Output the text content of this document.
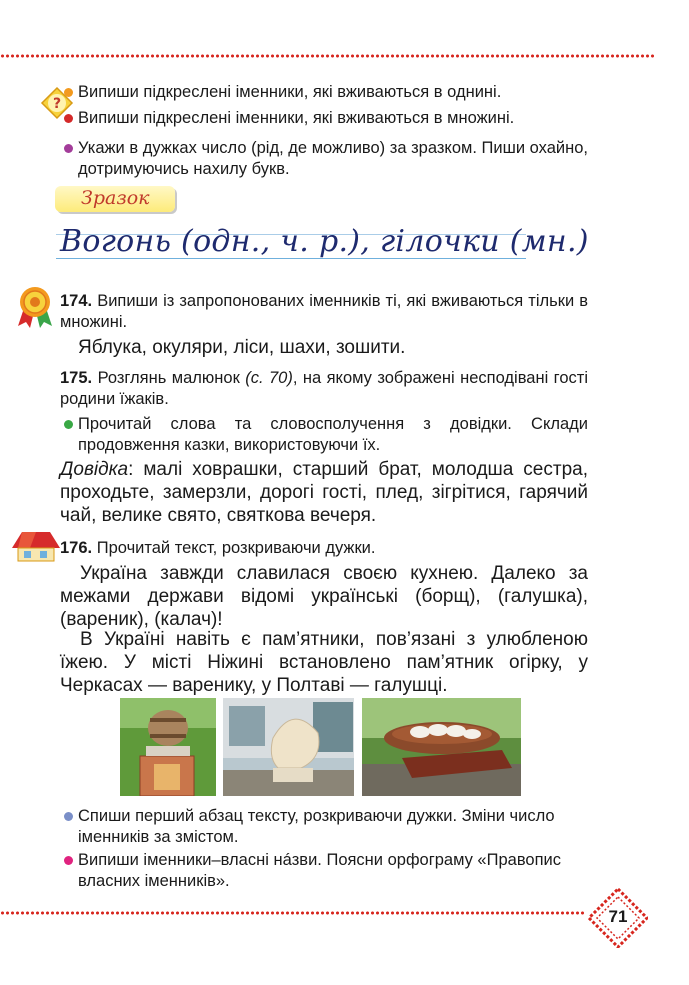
?
Випиши підкреслені іменники, які вживаються в однині.
Випиши підкреслені іменники, які вживаються в множині.
Укажи в дужках число (рід, де можливо) за зразком. Пиши охайно, дотримуючись нахилу букв.
Зразок
Вогонь (одн., ч. р.), гілочки (мн.)
174. Випиши із запропонованих іменників ті, які вживаються тільки в множині.
Яблука, окуляри, ліси, шахи, зошити.
175. Розглянь малюнок (с. 70), на якому зображені несподівані гості родини їжаків.
Прочитай слова та словосполучення з довідки. Склади продовження казки, використовуючи їх.
Довідка: малі ховрашки, старший брат, молодша сестра, проходьте, замерзли, дорогі гості, плед, зігрітися, гарячий чай, велике свято, святкова вечеря.
176. Прочитай текст, розкриваючи дужки.
Україна завжди славилася своєю кухнею. Далеко за межами держави відомі українські (борщ), (галушка), (вареник), (калач)!
В Україні навіть є пам’ятники, пов’язані з улюбленою їжею. У місті Ніжині встановлено пам’ятник огірку, у Черкасах — варенику, у Полтаві — галушці.
Спиши перший абзац тексту, розкриваючи дужки. Зміни число іменників за змістом.
Випиши іменники–власні нáзви. Поясни орфограму «Правопис власних іменників».
71
